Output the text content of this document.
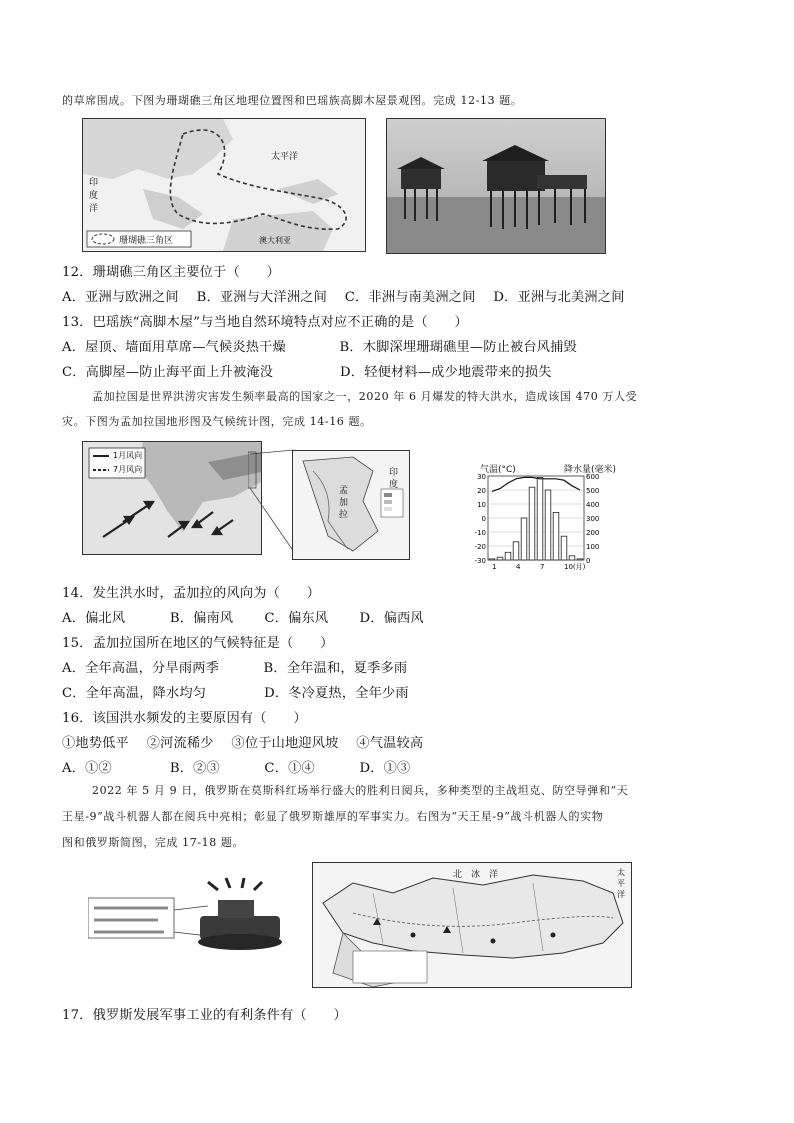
的草席围成。下图为珊瑚礁三角区地理位置图和巴瑶族高脚木屋景观图。完成 12-13 题。
太平洋
印度洋
澳大利亚
珊瑚礁三角区
12．珊瑚礁三角区主要位于（　　）
A．亚洲与欧洲之间　 B．亚洲与大洋洲之间　 C．非洲与南美洲之间　 D．亚洲与北美洲之间
13．巴瑶族“高脚木屋”与当地自然环境特点对应不正确的是（　　）
A．屋顶、墙面用草席—气候炎热干燥　　　　B．木脚深埋珊瑚礁里—防止被台风捕毁
C．高脚屋—防止海平面上升被淹没　　　　　D．轻便材料—成少地震带来的损失
孟加拉国是世界洪涝灾害发生频率最高的国家之一，2020 年 6 月爆发的特大洪水，造成该国 470 万人受
灾。下图为孟加拉国地形图及气候统计图，完成 14-16 题。
1月风向
7月风向
孟
加
拉
印
度
气温(°C)	降水量(毫米)
30
20
10
0
-10
-20
-30
600
500
400
300
200
100
0
1	4	7	10(月)
14．发生洪水时，孟加拉的风向为（　　）
A．偏北风　　　 B．偏南风　　 C．偏东风　　 D．偏西风
15．孟加拉国所在地区的气候特征是（　　）
A．全年高温，分旱雨两季　　　 B．全年温和，夏季多雨
C．全年高温，降水均匀　　　　 D．冬冷夏热，全年少雨
16．该国洪水频发的主要原因有（　　）
①地势低平　 ②河流稀少　 ③位于山地迎风坡　 ④气温较高
A．①②　　　　 B．②③　　　 C．①④　　　 D．①③
2022 年 5 月 9 日，俄罗斯在莫斯科红场举行盛大的胜利日阅兵，多种类型的主战坦克、防空导弹和“天
王星-9”战斗机器人都在阅兵中亮相；彰显了俄罗斯雄厚的军事实力。右图为“天王星-9”战斗机器人的实物
图和俄罗斯简图，完成 17-18 题。
北　冰　洋	太平洋
17．俄罗斯发展军事工业的有利条件有（　　）
